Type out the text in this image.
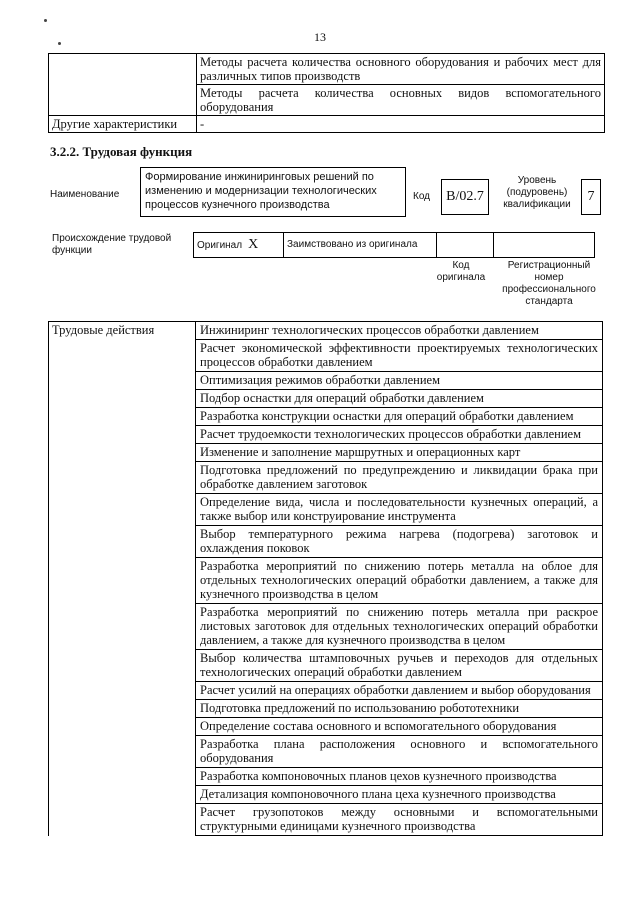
13
	Методы расчета количества основного оборудования и рабочих мест для различных типов производств
	Методы расчета количества основных видов вспомогательного оборудования
Другие характеристики	-
3.2.2. Трудовая функция
Наименование
Формирование инжиниринговых решений по изменению и модернизации технологических процессов кузнечного производства
Код	B/02.7
Уровень (подуровень) квалификации
7
Происхождение трудовой функции	Оригинал X	Заимствовано из оригинала
Код оригинала
Регистрационный номер профессионального стандарта
Трудовые действия	Инжиниринг технологических процессов обработки давлением
Расчет экономической эффективности проектируемых технологических процессов обработки давлением
Оптимизация режимов обработки давлением
Подбор оснастки для операций обработки давлением
Разработка конструкции оснастки для операций обработки давлением
Расчет трудоемкости технологических процессов обработки давлением
Изменение и заполнение маршрутных и операционных карт
Подготовка предложений по предупреждению и ликвидации брака при обработке давлением заготовок
Определение вида, числа и последовательности кузнечных операций, а также выбор или конструирование инструмента
Выбор температурного режима нагрева (подогрева) заготовок и охлаждения поковок
Разработка мероприятий по снижению потерь металла на облое для отдельных технологических операций обработки давлением, а также для кузнечного производства в целом
Разработка мероприятий по снижению потерь металла при раскрое листовых заготовок для отдельных технологических операций обработки давлением, а также для кузнечного производства в целом
Выбор количества штамповочных ручьев и переходов для отдельных технологических операций обработки давлением
Расчет усилий на операциях обработки давлением и выбор оборудования
Подготовка предложений по использованию робототехники
Определение состава основного и вспомогательного оборудования
Разработка плана расположения основного и вспомогательного оборудования
Разработка компоновочных планов цехов кузнечного производства
Детализация компоновочного плана цеха кузнечного производства
Расчет грузопотоков между основными и вспомогательными структурными единицами кузнечного производства
